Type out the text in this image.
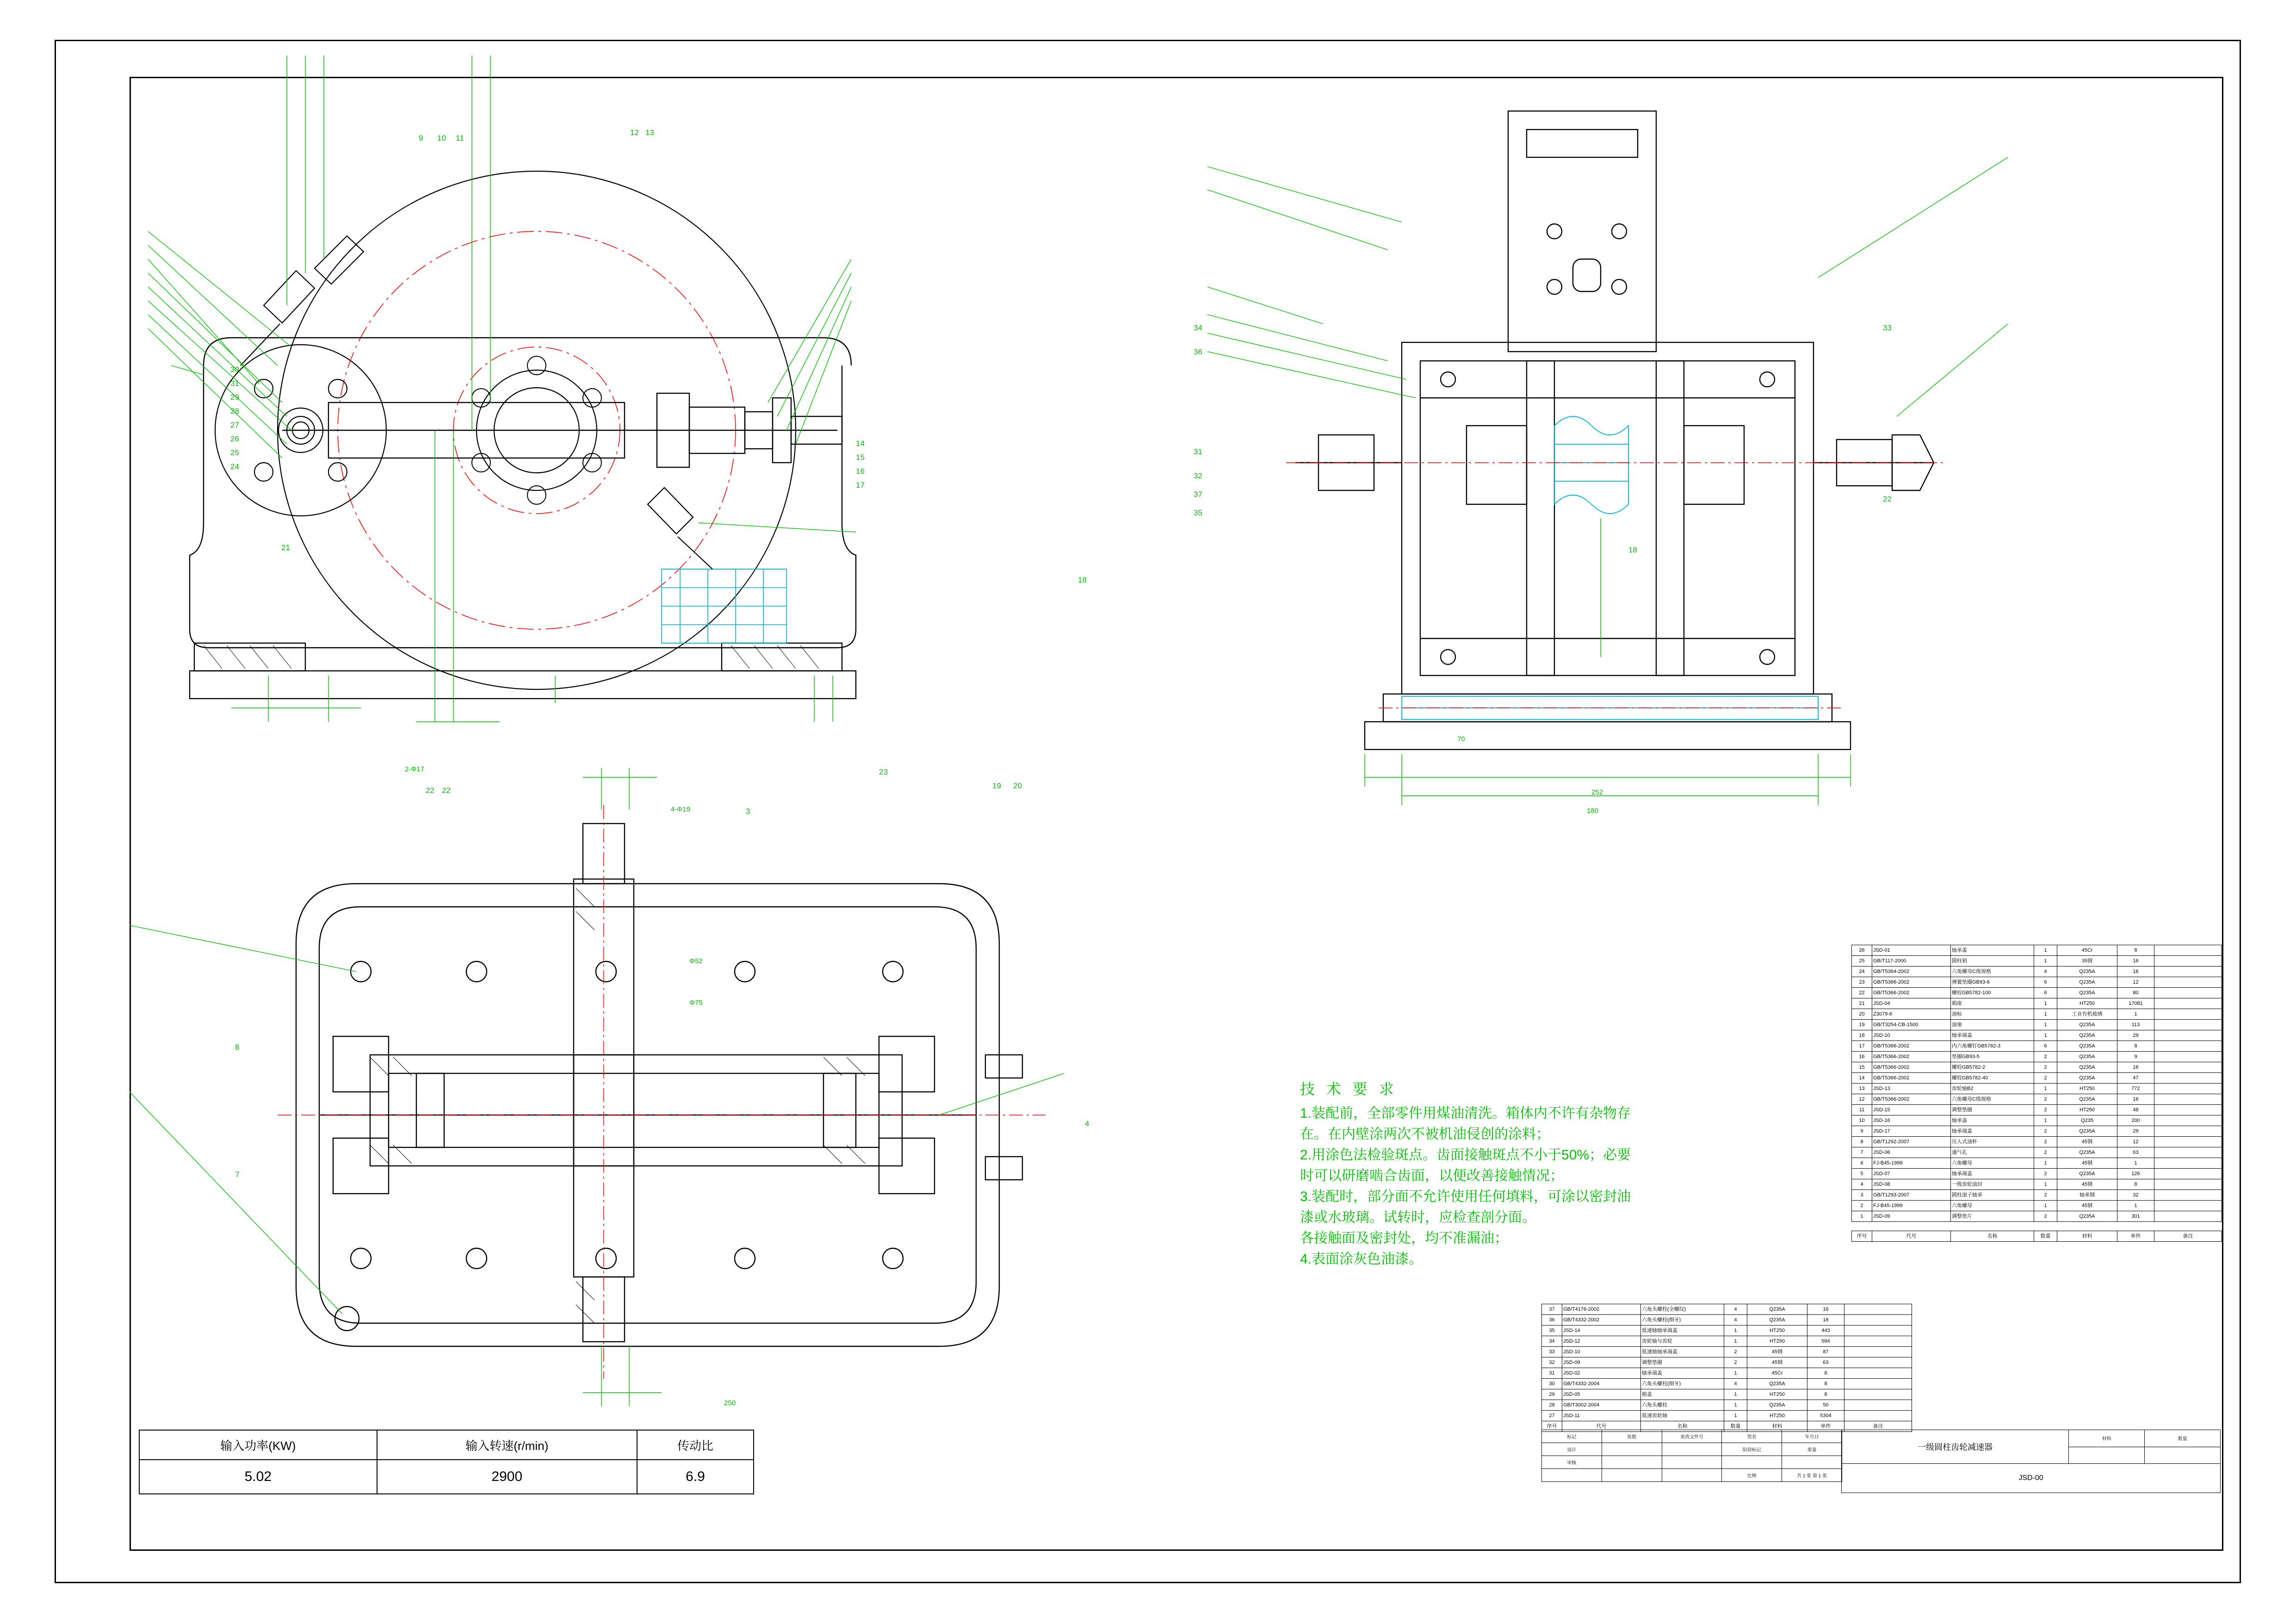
9 10 11
12 13
30
31
29
28
27
26
25
24
14
15
16
17
18
23
19 20
21
22 22
2-Φ17
34
36
31
32
37
35
33
22
18
70
252
180
8
7
4
3
4-Φ19
Φ52
Φ75
250
技 术 要 求

1.装配前，全部零件用煤油清洗。箱体内不许有杂物存

在。在内壁涂两次不被机油侵创的涂料；

2.用涂色法检验斑点。齿面接触斑点不小于50%；必要

时可以研磨啮合齿面，以便改善接触情况；

3.装配时，部分面不允许使用任何填料，可涂以密封油

漆或水玻璃。试转时，应检查剖分面。

各接触面及密封处，均不准漏油；

4.表面涂灰色油漆。

输入功率(KW)	输入转速(r/min)	传动比
5.02	2900	6.9
26	JSD-01	轴承盖	1	45Cr	8	
25	GB/T117-2000	圆柱销	1	35钢	16	
24	GB/T5364-2002	六角螺母C级规格	4	Q235A	16	
23	GB/T5366-2002	弹簧垫圈GB93-6	6	Q235A	12	
22	GB/T5366-2002	螺栓GB5782-100	6	Q235A	80	
21	JSD-04	箱座	1	HT250	17081	
20	Z3079-6	油标	1	工业有机玻璃	1	
19	GB/T3254-CB-1500	油塞	1	Q235A	113	
18	JSD-10	轴承端盖	1	Q235A	29	
17	GB/T5366-2002	内六角螺钉GB5782-3	6	Q235A	8	
16	GB/T5366-2002	垫圈GB93-5	2	Q235A	9	
15	GB/T5366-2002	螺栓GB5782-2	2	Q235A	16	
14	GB/T5366-2002	螺栓GB5782-40	2	Q235A	47	
13	JSD-13	齿轮轴B2	1	HT250	772	
12	GB/T5366-2002	六角螺母C级规格	2	Q235A	16	
11	JSD-15	调整垫圈	2	HT250	48	
10	JSD-16	轴承盖	1	Q235	200	
9	JSD-17	轴承端盖	2	Q235A	29	
8	GB/T1292-2007	压入式油杯	2	45钢	12	
7	JSD-06	通气孔	2	Q235A	63	
6	FJ-B45-1999	六角螺母	1	45钢	1	
5	JSD-07	轴承端盖	2	Q235A	126	
4	JSD-08	一级齿轮油封	1	45钢	8	
3	GB/T1293-2007	圆柱滚子轴承	2	轴承钢	32	
2	FJ-B45-1999	六角螺母	1	45钢	1	
1	JSD-09	调整垫片	2	Q235A	301	
37	GB/T4176-2002	六角头螺栓(全螺纹)	4	Q235A	16	
36	GB/T4332-2002	六角头螺栓(细牙)	4	Q235A	16	
35	JSD-14	低速轴轴承端盖	1	HT250	443	
34	JSD-12	齿轮轴与齿轮	1	HT250	594	
33	JSD-10	低速轴轴承端盖	2	45钢	87	
32	JSD-09	调整垫圈	2	45钢	63	
31	JSD-02	轴承端盖	1	45Cr	8	
30	GB/T4332-2004	六角头螺栓(细牙)	4	Q235A	8	
29	JSD-05	箱盖	1	HT250	8	
28	GB/T3002-2004	六角头螺栓	1	Q235A	50	
27	JSD-11	低速齿轮轴	1	HT250	5304	
序号	代号	名称	数量	材料	单件	备注
序号	代号	名称	数量	材料	单件	备注
标记	处数	更改文件号	签名	年月日
设计			阶段标记	重量
审核				
			比例	共 1 张 第 1 张
一级圆柱齿轮减速器	材料	数量

JSD-00		
